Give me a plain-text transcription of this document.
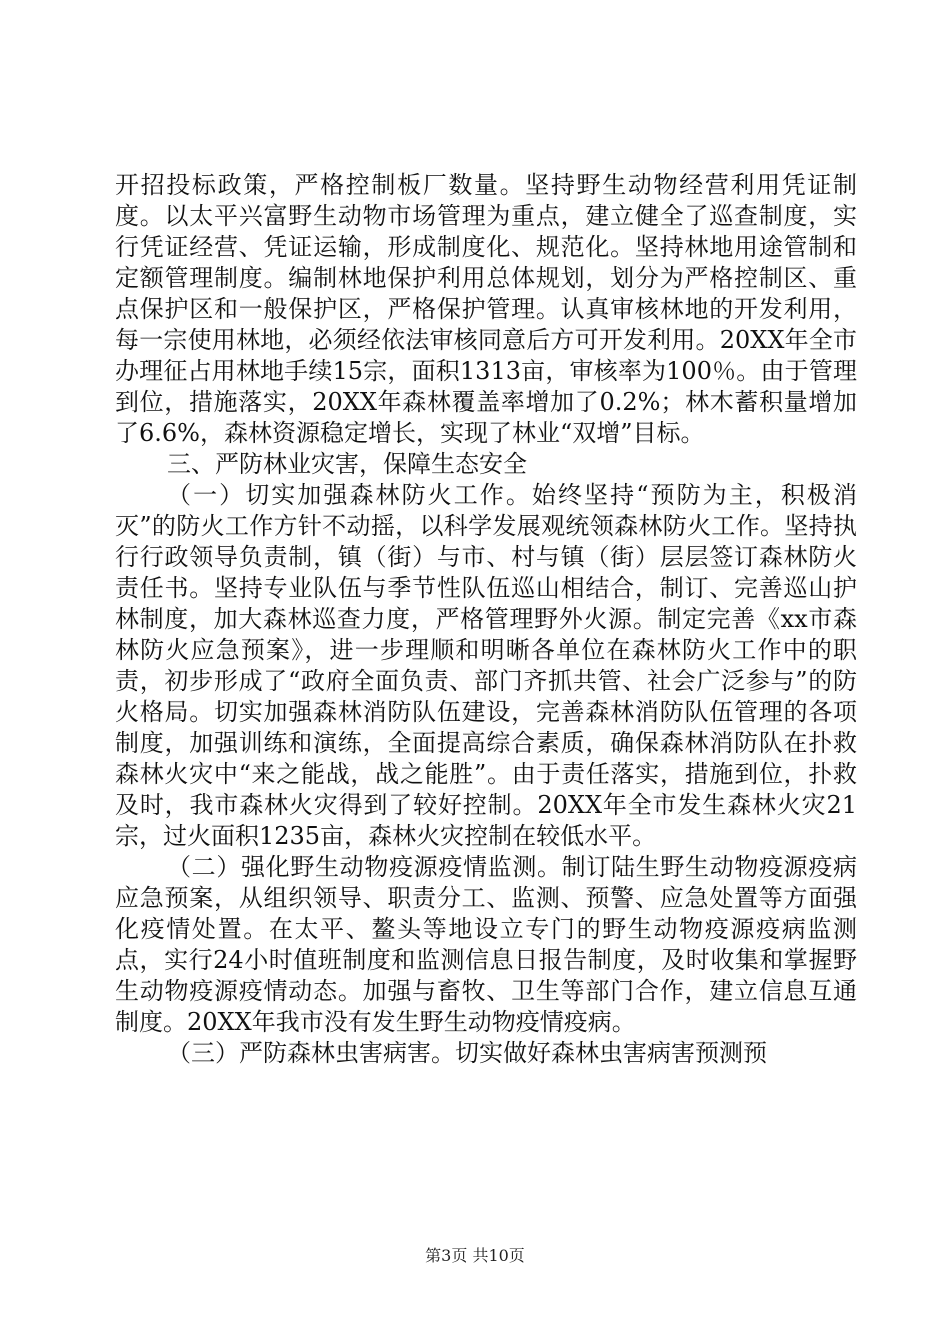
开招投标政策，严格控制板厂数量。坚持野生动物经营利用凭证制度。以太平兴富野生动物市场管理为重点，建立健全了巡查制度，实行凭证经营、凭证运输，形成制度化、规范化。坚持林地用途管制和定额管理制度。编制林地保护利用总体规划，划分为严格控制区、重点保护区和一般保护区，严格保护管理。认真审核林地的开发利用，每一宗使用林地，必须经依法审核同意后方可开发利用。20XX年全市办理征占用林地手续15宗，面积1313亩，审核率为100％。由于管理到位，措施落实，20XX年森林覆盖率增加了0.2%；林木蓄积量增加了6.6%，森林资源稳定增长，实现了林业“双增”目标。

三、严防林业灾害，保障生态安全

（一）切实加强森林防火工作。始终坚持“预防为主，积极消灭”的防火工作方针不动摇，以科学发展观统领森林防火工作。坚持执行行政领导负责制，镇（街）与市、村与镇（街）层层签订森林防火责任书。坚持专业队伍与季节性队伍巡山相结合，制订、完善巡山护林制度，加大森林巡查力度，严格管理野外火源。制定完善《xx市森林防火应急预案》，进一步理顺和明晰各单位在森林防火工作中的职责，初步形成了“政府全面负责、部门齐抓共管、社会广泛参与”的防火格局。切实加强森林消防队伍建设，完善森林消防队伍管理的各项制度，加强训练和演练，全面提高综合素质，确保森林消防队在扑救森林火灾中“来之能战，战之能胜”。由于责任落实，措施到位，扑救及时，我市森林火灾得到了较好控制。20XX年全市发生森林火灾21宗，过火面积1235亩，森林火灾控制在较低水平。

（二）强化野生动物疫源疫情监测。制订陆生野生动物疫源疫病应急预案，从组织领导、职责分工、监测、预警、应急处置等方面强化疫情处置。在太平、鳌头等地设立专门的野生动物疫源疫病监测点，实行24小时值班制度和监测信息日报告制度，及时收集和掌握野生动物疫源疫情动态。加强与畜牧、卫生等部门合作，建立信息互通制度。20XX年我市没有发生野生动物疫情疫病。

（三）严防森林虫害病害。切实做好森林虫害病害预测预

第3页 共10页
